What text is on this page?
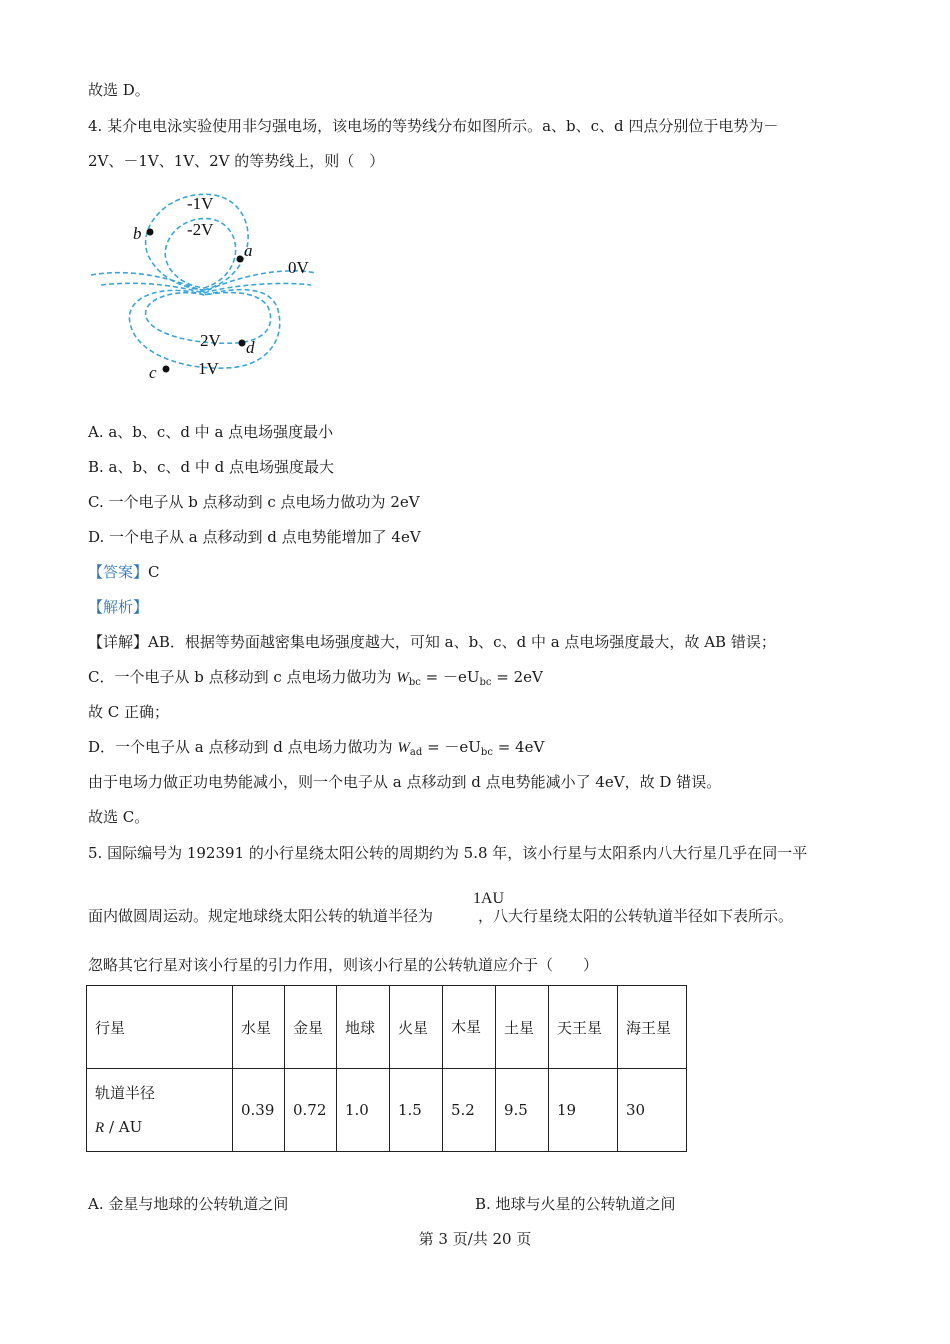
故选 D。
4. 某介电电泳实验使用非匀强电场，该电场的等势线分布如图所示。a、b、c、d 四点分别位于电势为－
2V、－1V、1V、2V 的等势线上，则（　）
-1V
-2V
0V
2V
1V
b
a
d
c
A. a、b、c、d 中 a 点电场强度最小
B. a、b、c、d 中 d 点电场强度最大
C. 一个电子从 b 点移动到 c 点电场力做功为 2eV
D. 一个电子从 a 点移动到 d 点电势能增加了 4eV
【答案】C
【解析】
【详解】AB．根据等势面越密集电场强度越大，可知 a、b、c、d 中 a 点电场强度最大，故 AB 错误；
C．一个电子从 b 点移动到 c 点电场力做功为 $W_{bc} = -eU_{bc} = 2eV$
故 C 正确；
D．一个电子从 a 点移动到 d 点电场力做功为 $W_{ad} = -eU_{bc} = 4eV$
由于电场力做正功电势能减小，则一个电子从 a 点移动到 d 点电势能减小了 4eV，故 D 错误。
故选 C。
5. 国际编号为 192391 的小行星绕太阳公转的周期约为 5.8 年，该小行星与太阳系内八大行星几乎在同一平
1AU
面内做圆周运动。规定地球绕太阳公转的轨道半径为　　　，八大行星绕太阳的公转轨道半径如下表所示。
忽略其它行星对该小行星的引力作用，则该小行星的公转轨道应介于（　　）
行星	水星	金星	地球	火星	木星	土星	天王星	海王星

轨道半径
R / AU	0.39	0.72	1.0	1.5	5.2	9.5	19	30
A. 金星与地球的公转轨道之间	B. 地球与火星的公转轨道之间
第 3 页/共 20 页
